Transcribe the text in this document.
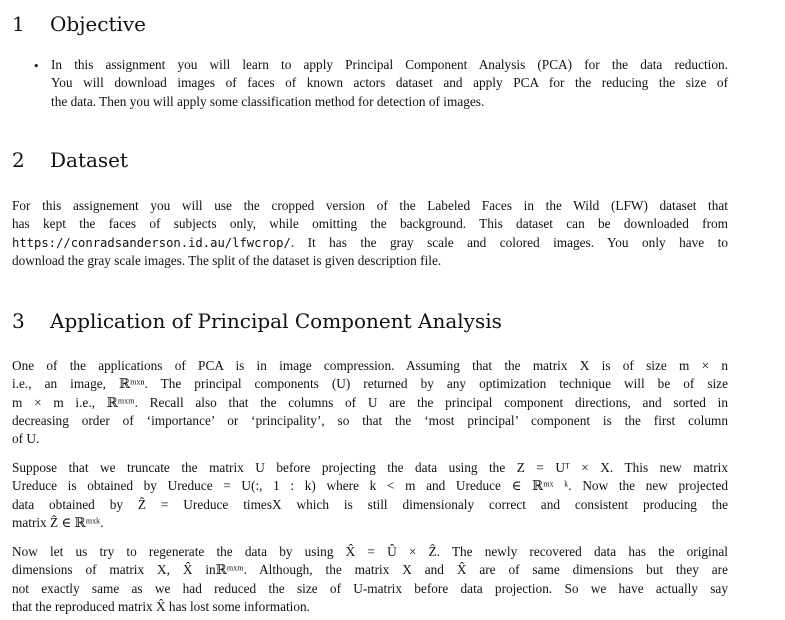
1 Objective
• In this assignment you will learn to apply Principal Component Analysis (PCA) for the data reduction.
You will download images of faces of known actors dataset and apply PCA for the reducing the size of
the data. Then you will apply some classification method for detection of images.
2 Dataset
For this assignement you will use the cropped version of the Labeled Faces in the Wild (LFW) dataset that
has kept the faces of subjects only, while omitting the background. This dataset can be downloaded from
https://conradsanderson.id.au/lfwcrop/. It has the gray scale and colored images. You only have to
download the gray scale images. The split of the dataset is given description file.
3 Application of Principal Component Analysis
One of the applications of PCA is in image compression. Assuming that the matrix X is of size m × n
i.e., an image, ℝᵐˣⁿ. The principal components (U) returned by any optimization technique will be of size
m × m i.e., ℝᵐˣᵐ. Recall also that the columns of U are the principal component directions, and sorted in
decreasing order of ‘importance’ or ‘principality’, so that the ‘most principal’ component is the first column
of U.
Suppose that we truncate the matrix U before projecting the data using the Z = Uᵀ × X. This new matrix
Ureduce is obtained by Ureduce = U(:, 1 : k) where k < m and Ureduce ∈ ℝᵐˣ ᵏ. Now the new projected
data obtained by Ẑ = Ureduce timesX which is still dimensionaly correct and consistent producing the
matrix Ẑ ∈ ℝᵐˣᵏ.
Now let us try to regenerate the data by using X̂ = Û × Ẑ. The newly recovered data has the original
dimensions of matrix X, X̂ inℝᵐˣᵐ. Although, the matrix X and X̂ are of same dimensions but they are
not exactly same as we had reduced the size of U-matrix before data projection. So we have actually say
that the reproduced matrix X̂ has lost some information.
